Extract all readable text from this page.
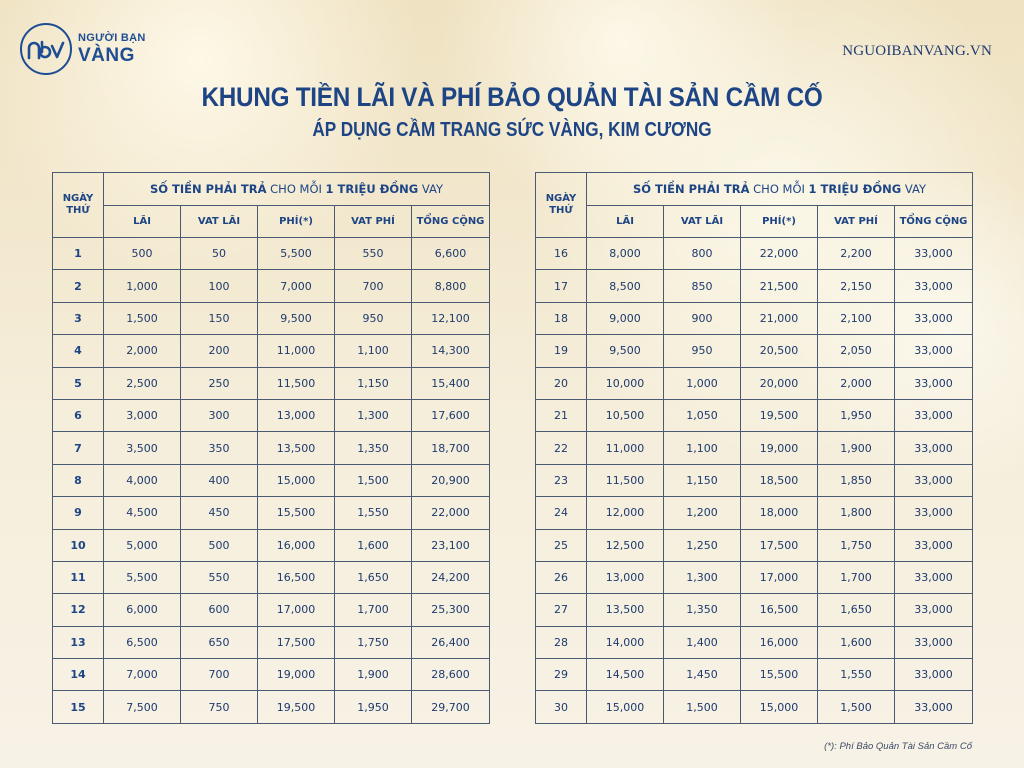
NGƯỜI BẠN
VÀNG	NGUOIBANVANG.VN
KHUNG TIỀN LÃI VÀ PHÍ BẢO QUẢN TÀI SẢN CẦM CỐ
ÁP DỤNG CẦM TRANG SỨC VÀNG, KIM CƯƠNG
NGÀY THỨ	SỐ TIỀN PHẢI TRẢ CHO MỖI 1 TRIỆU ĐỒNG VAY				
	LÃI	VAT LÃI	PHÍ(*)	VAT PHÍ	TỔNG CỘNG
1	500	50	5,500	550	6,600
2	1,000	100	7,000	700	8,800
3	1,500	150	9,500	950	12,100
4	2,000	200	11,000	1,100	14,300
5	2,500	250	11,500	1,150	15,400
6	3,000	300	13,000	1,300	17,600
7	3,500	350	13,500	1,350	18,700
8	4,000	400	15,000	1,500	20,900
9	4,500	450	15,500	1,550	22,000
10	5,000	500	16,000	1,600	23,100
11	5,500	550	16,500	1,650	24,200
12	6,000	600	17,000	1,700	25,300
13	6,500	650	17,500	1,750	26,400
14	7,000	700	19,000	1,900	28,600
15	7,500	750	19,500	1,950	29,700
NGÀY THỨ	SỐ TIỀN PHẢI TRẢ CHO MỖI 1 TRIỆU ĐỒNG VAY				
	LÃI	VAT LÃI	PHÍ(*)	VAT PHÍ	TỔNG CỘNG
16	8,000	800	22,000	2,200	33,000
17	8,500	850	21,500	2,150	33,000
18	9,000	900	21,000	2,100	33,000
19	9,500	950	20,500	2,050	33,000
20	10,000	1,000	20,000	2,000	33,000
21	10,500	1,050	19,500	1,950	33,000
22	11,000	1,100	19,000	1,900	33,000
23	11,500	1,150	18,500	1,850	33,000
24	12,000	1,200	18,000	1,800	33,000
25	12,500	1,250	17,500	1,750	33,000
26	13,000	1,300	17,000	1,700	33,000
27	13,500	1,350	16,500	1,650	33,000
28	14,000	1,400	16,000	1,600	33,000
29	14,500	1,450	15,500	1,550	33,000
30	15,000	1,500	15,000	1,500	33,000
(*): Phí Bảo Quản Tài Sản Cầm Cố
